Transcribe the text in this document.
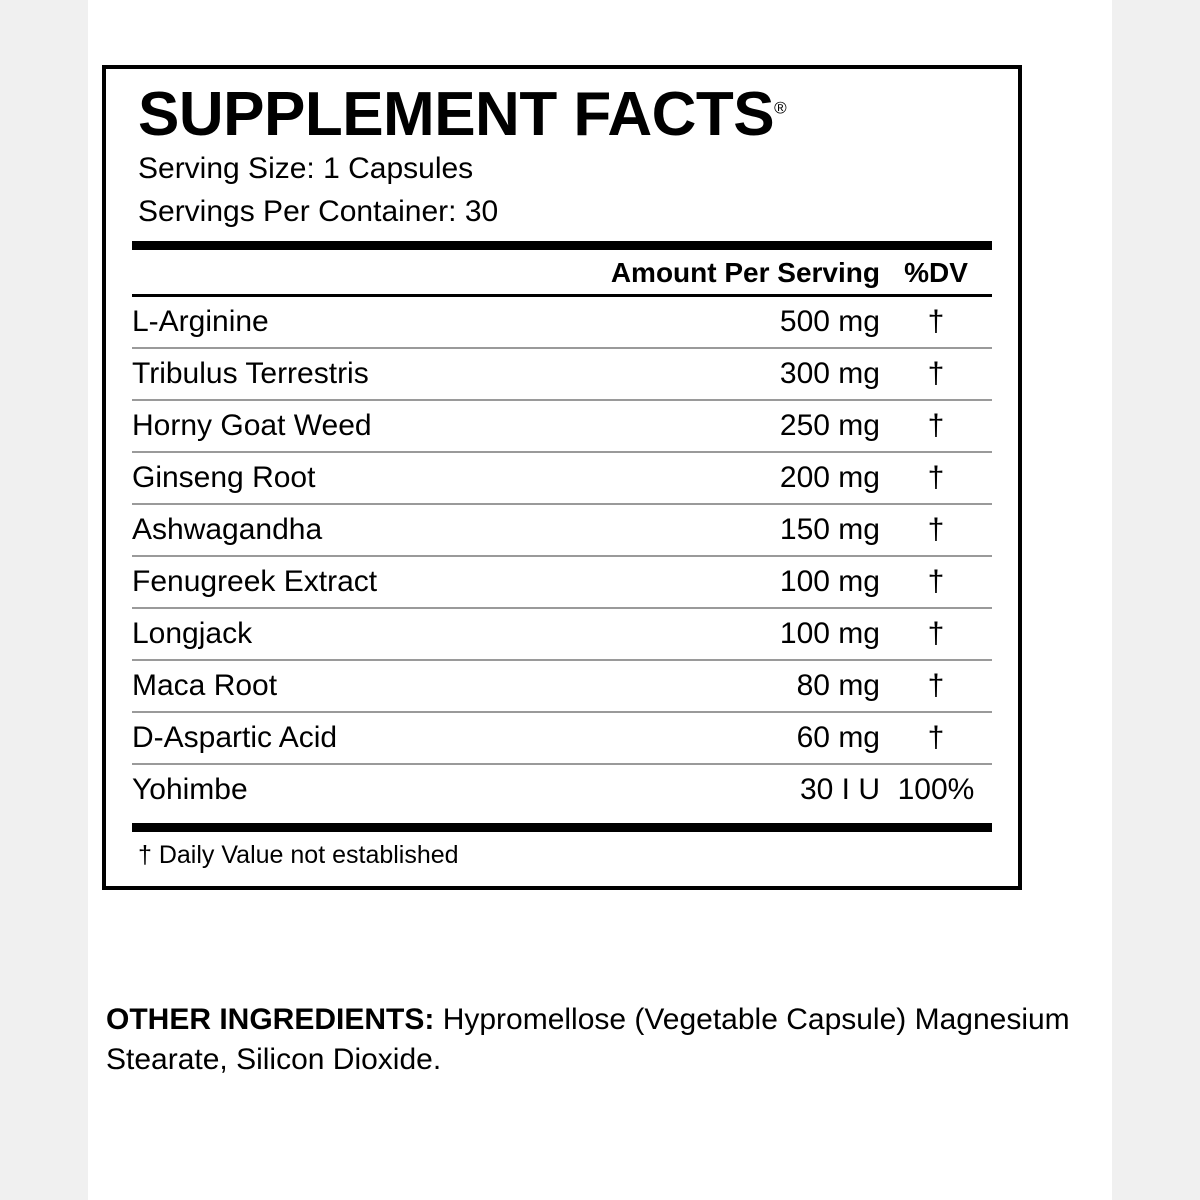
SUPPLEMENT FACTS®
Serving Size: 1 Capsules
Servings Per Container: 30
Amount Per Serving %DV
L-Arginine	500 mg	†
Tribulus Terrestris	300 mg	†
Horny Goat Weed	250 mg	†
Ginseng Root	200 mg	†
Ashwagandha	150 mg	†
Fenugreek Extract	100 mg	†
Longjack	100 mg	†
Maca Root	80 mg	†
D-Aspartic Acid	60 mg	†
Yohimbe	30 I U	100%
† Daily Value not established
OTHER INGREDIENTS: Hypromellose (Vegetable Capsule) Magnesium Stearate, Silicon Dioxide.
